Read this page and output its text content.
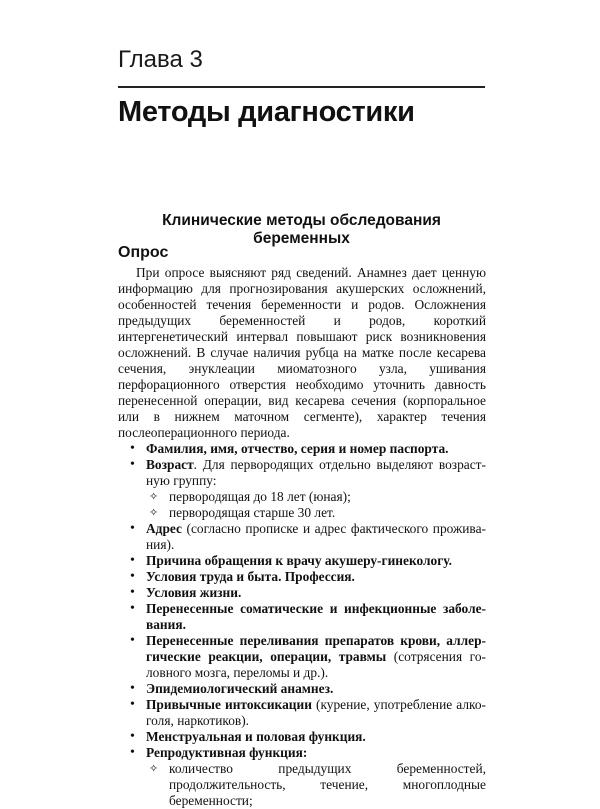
Глава 3
Методы диагностики
Клинические методы обследования беременных
Опрос

При опросе выясняют ряд сведений. Анамнез дает ценную информацию для прогнозирования акушерских осложнений, особенностей течения беременности и родов. Осложнения предыдущих беременностей и родов, короткий интергенетический интервал повышают риск возникновения осложнений. В случае наличия рубца на матке после кесарева сечения, энуклеации миоматозного узла, ушивания перфорационного отверстия необходимо уточнить давность перенесенной операции, вид кесарева сечения (корпоральное или в нижнем маточном сегменте), характер течения послеоперационного периода.

• Фамилия, имя, отчество, серия и номер паспорта.
• Возраст. Для первородящих отдельно выделяют возрастную группу:
✧ первородящая до 18 лет (юная);
✧ первородящая старше 30 лет.
• Адрес (согласно прописке и адрес фактического проживания).
• Причина обращения к врачу акушеру-гинекологу.
• Условия труда и быта. Профессия.
• Условия жизни.
• Перенесенные соматические и инфекционные заболевания.
• Перенесенные переливания препаратов крови, аллергические реакции, операции, травмы (сотрясения головного мозга, переломы и др.).
• Эпидемиологический анамнез.
• Привычные интоксикации (курение, употребление алкоголя, наркотиков).
• Менструальная и половая функция.
• Репродуктивная функция:
✧ количество предыдущих беременностей, продолжительность, течение, многоплодные беременности;
